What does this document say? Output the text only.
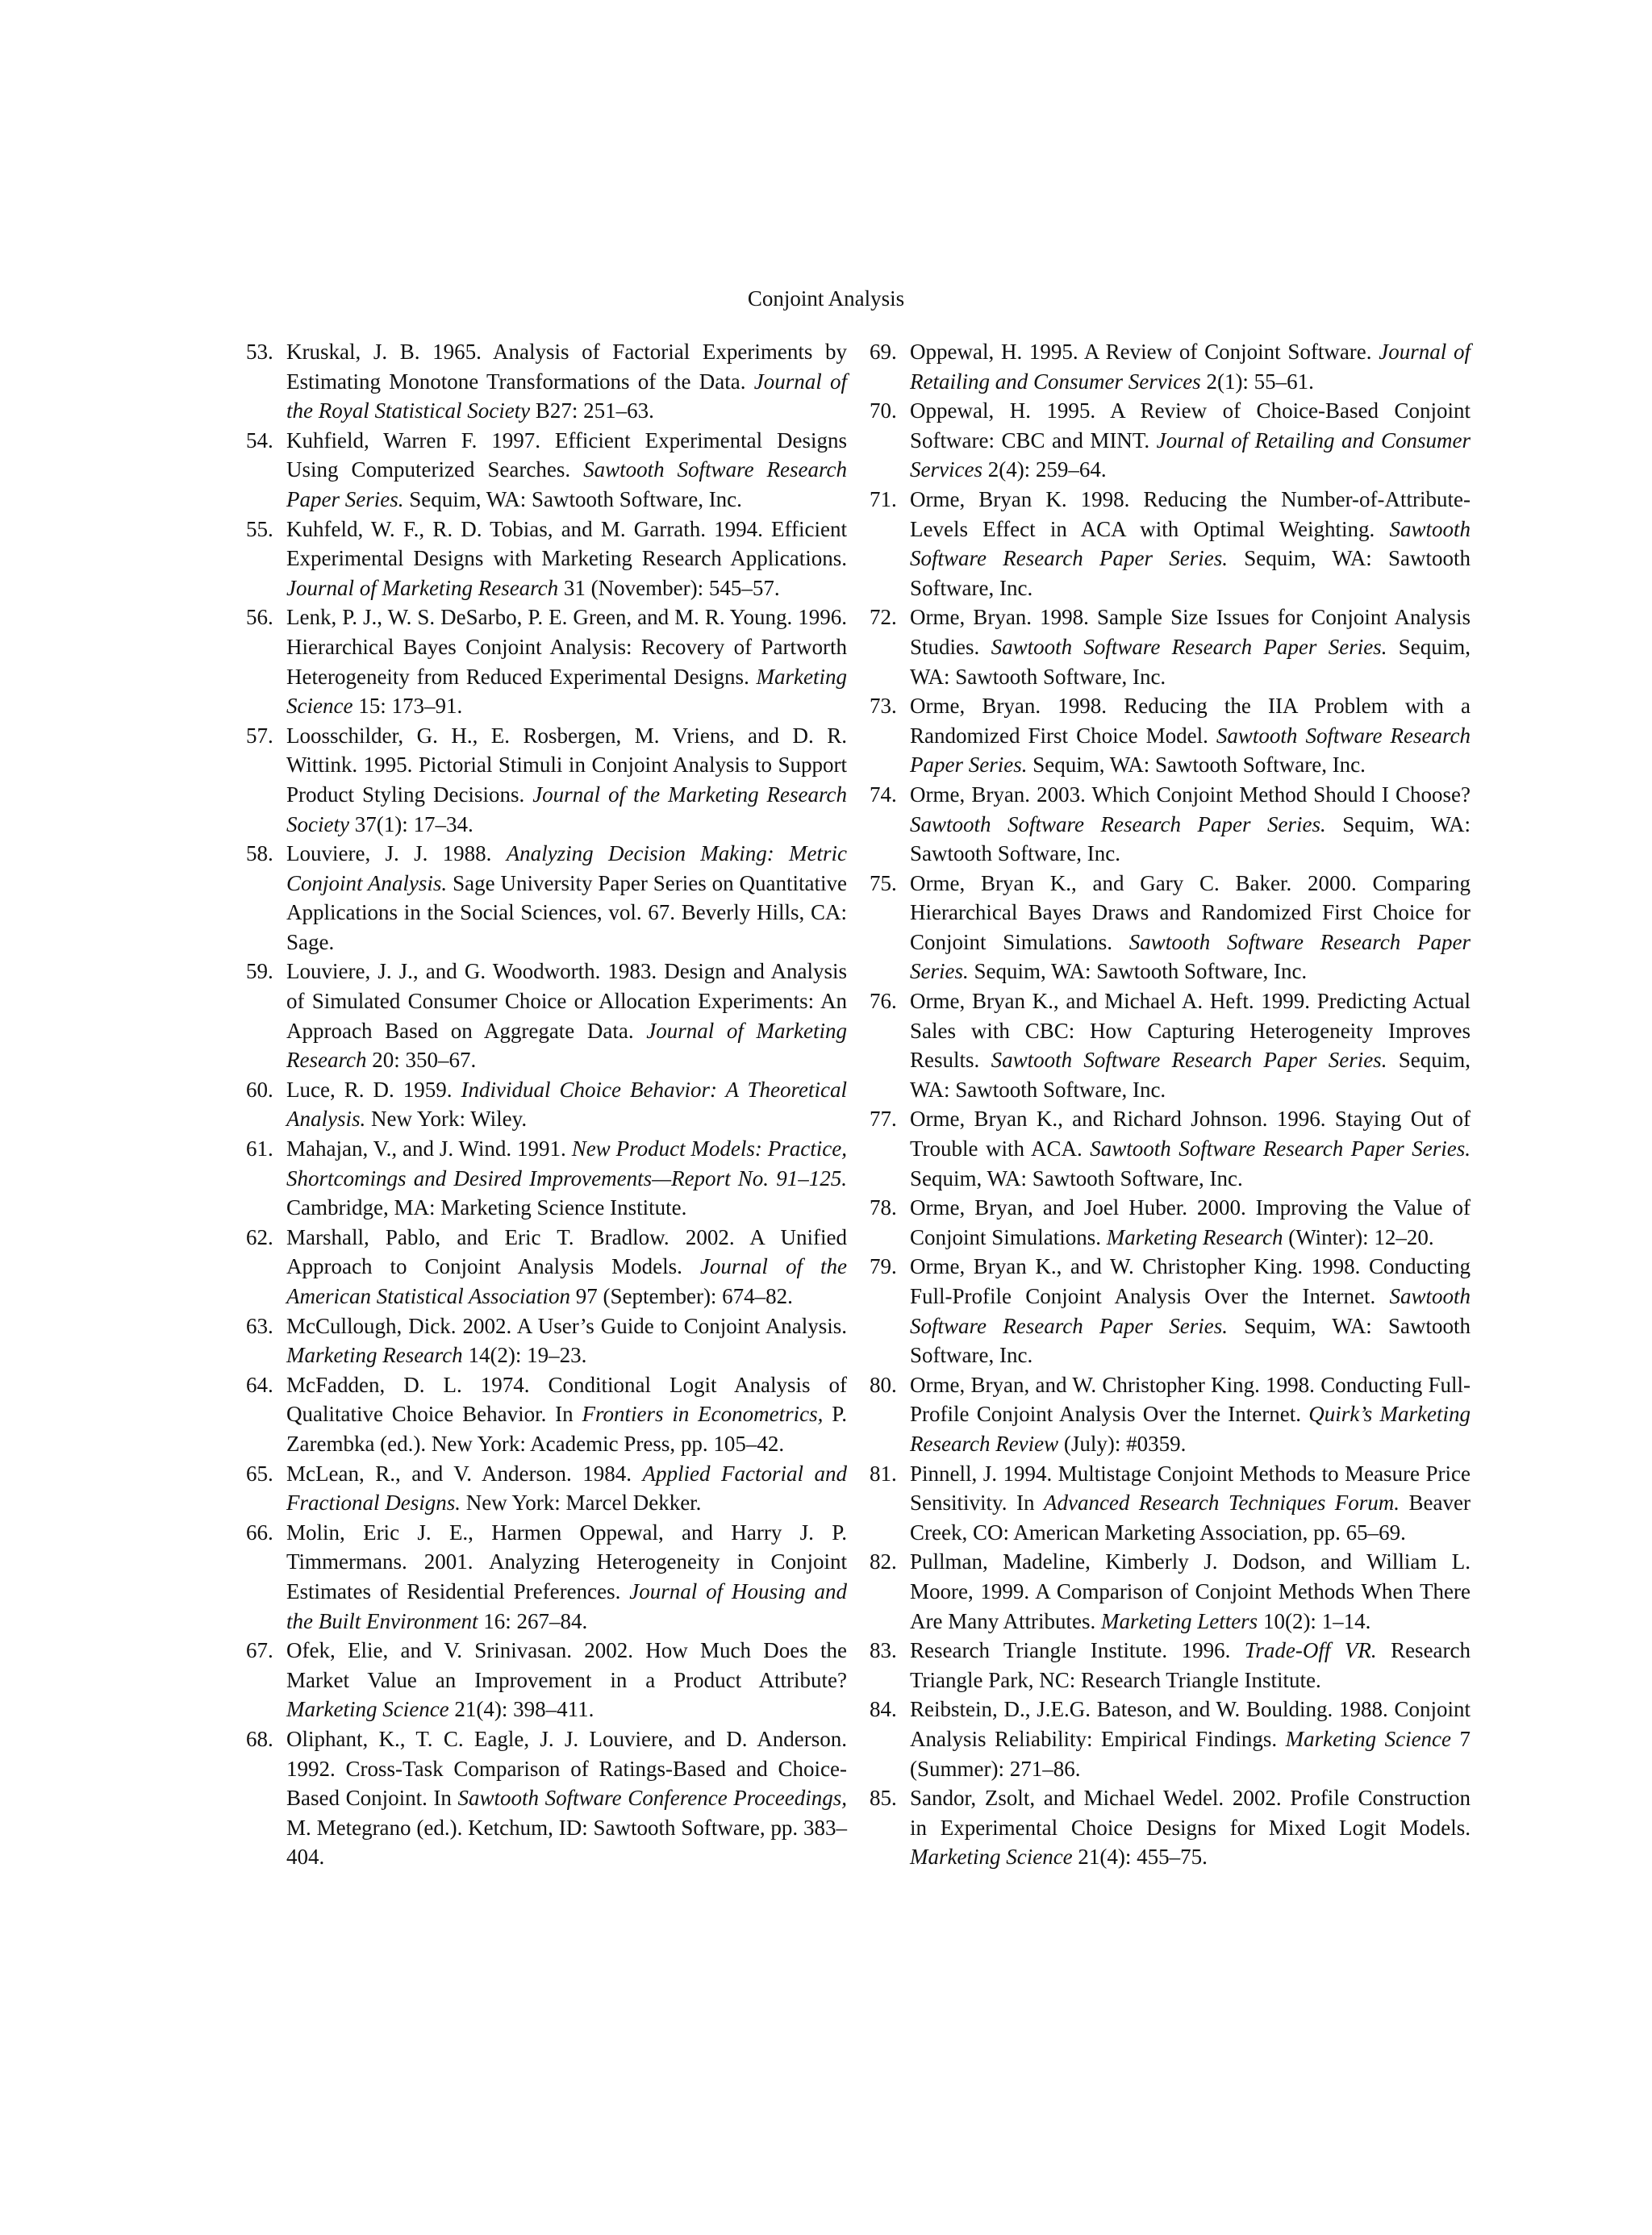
Conjoint Analysis

53. Kruskal, J. B. 1965. Analysis of Factorial Experiments by Estimating Monotone Transformations of the Data. Journal of the Royal Statistical Society B27: 251–63.

54. Kuhfield, Warren F. 1997. Efficient Experimental Designs Using Computerized Searches. Sawtooth Software Research Paper Series. Sequim, WA: Sawtooth Software, Inc.

55. Kuhfeld, W. F., R. D. Tobias, and M. Garrath. 1994. Efficient Experimental Designs with Marketing Research Applications. Journal of Marketing Research 31 (November): 545–57.

56. Lenk, P. J., W. S. DeSarbo, P. E. Green, and M. R. Young. 1996. Hierarchical Bayes Conjoint Analysis: Recovery of Partworth Heterogeneity from Reduced Experimental Designs. Marketing Science 15: 173–91.

57. Loosschilder, G. H., E. Rosbergen, M. Vriens, and D. R. Wittink. 1995. Pictorial Stimuli in Conjoint Analysis to Support Product Styling Decisions. Journal of the Marketing Research Society 37(1): 17–34.

58. Louviere, J. J. 1988. Analyzing Decision Making: Metric Conjoint Analysis. Sage University Paper Series on Quantitative Applications in the Social Sciences, vol. 67. Beverly Hills, CA: Sage.

59. Louviere, J. J., and G. Woodworth. 1983. Design and Analysis of Simulated Consumer Choice or Allocation Experiments: An Approach Based on Aggregate Data. Journal of Marketing Research 20: 350–67.

60. Luce, R. D. 1959. Individual Choice Behavior: A Theoretical Analysis. New York: Wiley.

61. Mahajan, V., and J. Wind. 1991. New Product Models: Practice, Shortcomings and Desired Improvements—Report No. 91–125. Cambridge, MA: Marketing Science Institute.

62. Marshall, Pablo, and Eric T. Bradlow. 2002. A Unified Approach to Conjoint Analysis Models. Journal of the American Statistical Association 97 (September): 674–82.

63. McCullough, Dick. 2002. A User’s Guide to Conjoint Analysis. Marketing Research 14(2): 19–23.

64. McFadden, D. L. 1974. Conditional Logit Analysis of Qualitative Choice Behavior. In Frontiers in Econometrics, P. Zarembka (ed.). New York: Academic Press, pp. 105–42.

65. McLean, R., and V. Anderson. 1984. Applied Factorial and Fractional Designs. New York: Marcel Dekker.

66. Molin, Eric J. E., Harmen Oppewal, and Harry J. P. Timmermans. 2001. Analyzing Heterogeneity in Conjoint Estimates of Residential Preferences. Journal of Housing and the Built Environment 16: 267–84.

67. Ofek, Elie, and V. Srinivasan. 2002. How Much Does the Market Value an Improvement in a Product Attribute? Marketing Science 21(4): 398–411.

68. Oliphant, K., T. C. Eagle, J. J. Louviere, and D. Anderson. 1992. Cross-Task Comparison of Ratings-Based and Choice-Based Conjoint. In Sawtooth Software Conference Proceedings, M. Metegrano (ed.). Ketchum, ID: Sawtooth Software, pp. 383–404.

69. Oppewal, H. 1995. A Review of Conjoint Software. Journal of Retailing and Consumer Services 2(1): 55–61.

70. Oppewal, H. 1995. A Review of Choice-Based Conjoint Software: CBC and MINT. Journal of Retailing and Consumer Services 2(4): 259–64.

71. Orme, Bryan K. 1998. Reducing the Number-of-Attribute-Levels Effect in ACA with Optimal Weighting. Sawtooth Software Research Paper Series. Sequim, WA: Sawtooth Software, Inc.

72. Orme, Bryan. 1998. Sample Size Issues for Conjoint Analysis Studies. Sawtooth Software Research Paper Series. Sequim, WA: Sawtooth Software, Inc.

73. Orme, Bryan. 1998. Reducing the IIA Problem with a Randomized First Choice Model. Sawtooth Software Research Paper Series. Sequim, WA: Sawtooth Software, Inc.

74. Orme, Bryan. 2003. Which Conjoint Method Should I Choose? Sawtooth Software Research Paper Series. Sequim, WA: Sawtooth Software, Inc.

75. Orme, Bryan K., and Gary C. Baker. 2000. Comparing Hierarchical Bayes Draws and Randomized First Choice for Conjoint Simulations. Sawtooth Software Research Paper Series. Sequim, WA: Sawtooth Software, Inc.

76. Orme, Bryan K., and Michael A. Heft. 1999. Predicting Actual Sales with CBC: How Capturing Heterogeneity Improves Results. Sawtooth Software Research Paper Series. Sequim, WA: Sawtooth Software, Inc.

77. Orme, Bryan K., and Richard Johnson. 1996. Staying Out of Trouble with ACA. Sawtooth Software Research Paper Series. Sequim, WA: Sawtooth Software, Inc.

78. Orme, Bryan, and Joel Huber. 2000. Improving the Value of Conjoint Simulations. Marketing Research (Winter): 12–20.

79. Orme, Bryan K., and W. Christopher King. 1998. Conducting Full-Profile Conjoint Analysis Over the Internet. Sawtooth Software Research Paper Series. Sequim, WA: Sawtooth Software, Inc.

80. Orme, Bryan, and W. Christopher King. 1998. Conducting Full-Profile Conjoint Analysis Over the Internet. Quirk’s Marketing Research Review (July): #0359.

81. Pinnell, J. 1994. Multistage Conjoint Methods to Measure Price Sensitivity. In Advanced Research Techniques Forum. Beaver Creek, CO: American Marketing Association, pp. 65–69.

82. Pullman, Madeline, Kimberly J. Dodson, and William L. Moore, 1999. A Comparison of Conjoint Methods When There Are Many Attributes. Marketing Letters 10(2): 1–14.

83. Research Triangle Institute. 1996. Trade-Off VR. Research Triangle Park, NC: Research Triangle Institute.

84. Reibstein, D., J.E.G. Bateson, and W. Boulding. 1988. Conjoint Analysis Reliability: Empirical Findings. Marketing Science 7 (Summer): 271–86.

85. Sandor, Zsolt, and Michael Wedel. 2002. Profile Construction in Experimental Choice Designs for Mixed Logit Models. Marketing Science 21(4): 455–75.
